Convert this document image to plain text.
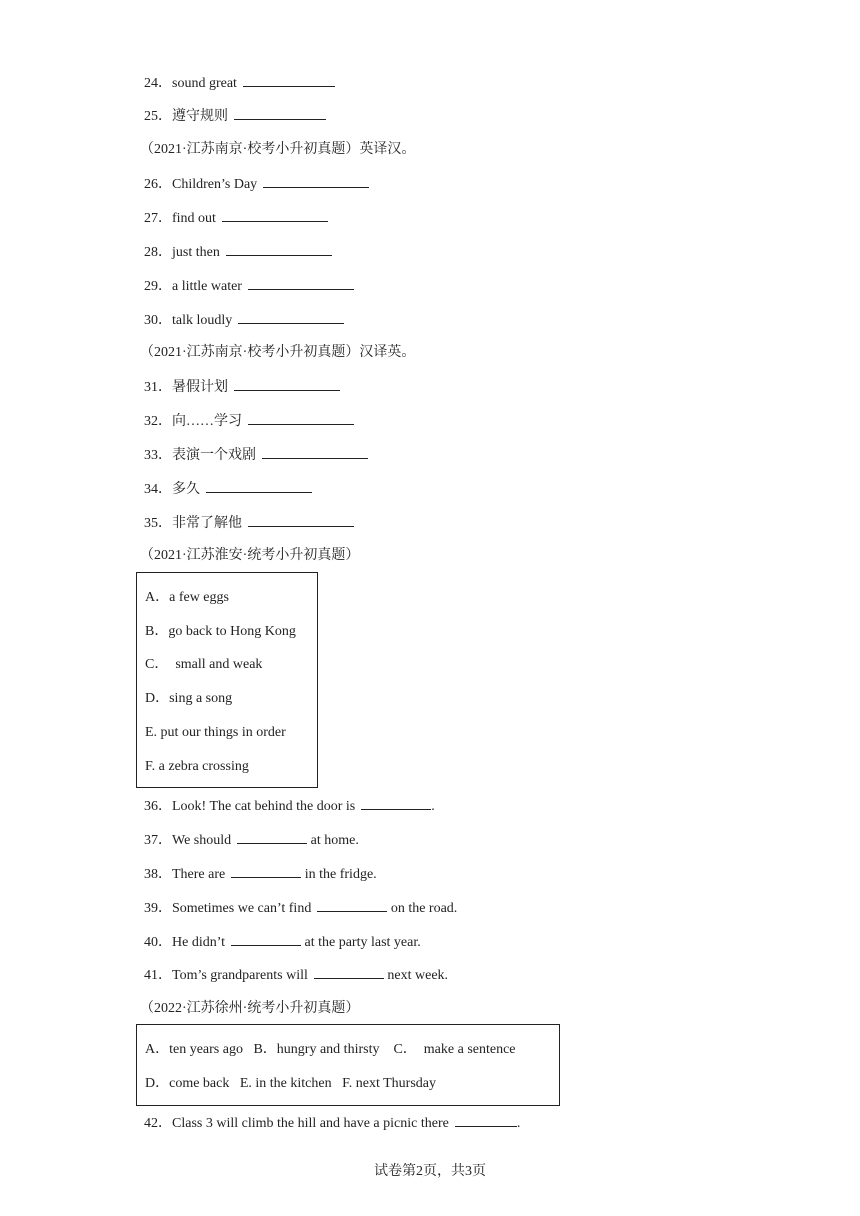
24．sound great
25．遵守规则
（2021·江苏南京·校考小升初真题）英译汉。
26．Children’s Day
27．find out
28．just then
29．a little water
30．talk loudly
（2021·江苏南京·校考小升初真题）汉译英。
31．暑假计划
32．向……学习
33．表演一个戏剧
34．多久
35．非常了解他
（2021·江苏淮安·统考小升初真题）
A．a few eggs
B．go back to Hong Kong
C．  small and weak
D．sing a song
E. put our things in order
F. a zebra crossing
36．Look! The cat behind the door is	.
37．We should	at home.
38．There are	in the fridge.
39．Sometimes we can’t find	on the road.
40．He didn’t	at the party last year.
41．Tom’s grandparents will	next week.
（2022·江苏徐州·统考小升初真题）
A．ten years ago   B．hungry and thirsty    C．  make a sentence
D．come back   E. in the kitchen   F. next Thursday
42．Class 3 will climb the hill and have a picnic there	.
试卷第2页，共3页
